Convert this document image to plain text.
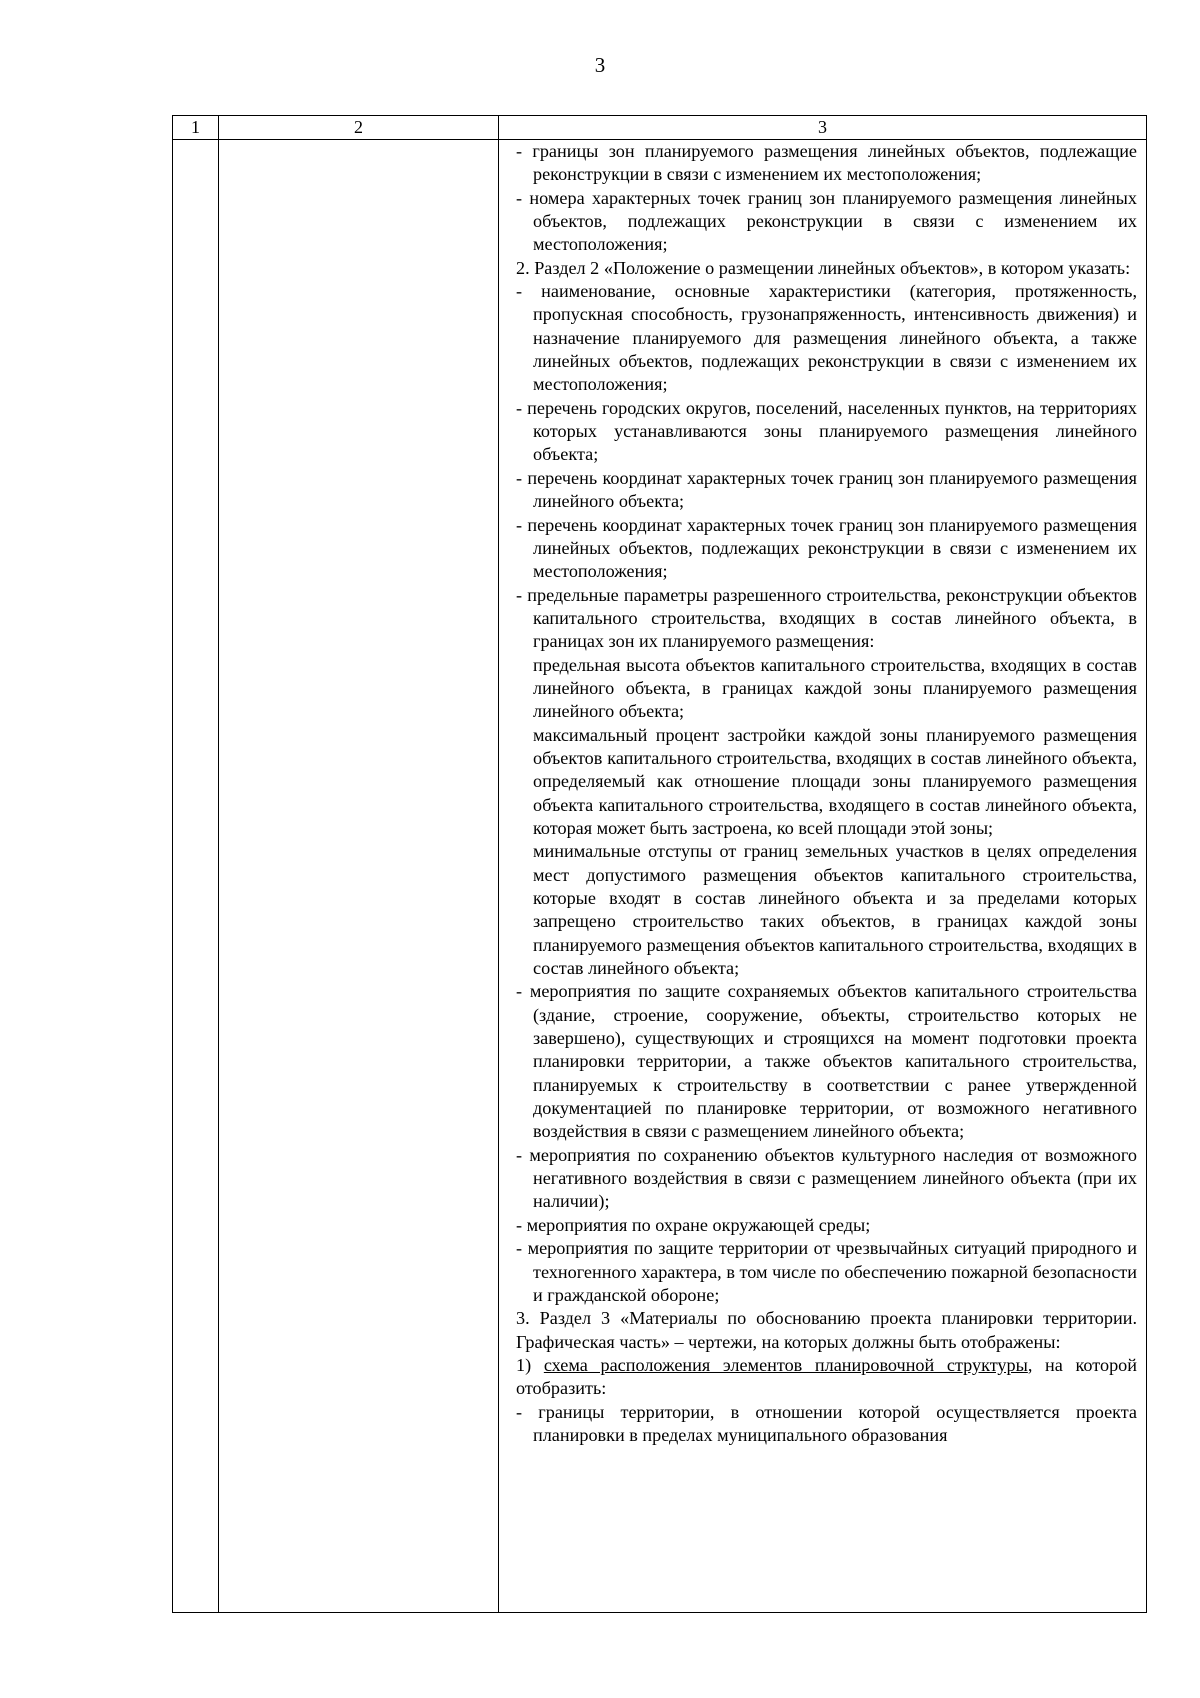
3
1	2	3

- границы зон планируемого размещения линейных объектов, подлежащие реконструкции в связи с изменением их местоположения;

- номера характерных точек границ зон планируемого размещения линейных объектов, подлежащих реконструкции в связи с изменением их местоположения;

2. Раздел 2 «Положение о размещении линейных объектов», в котором указать:

- наименование, основные характеристики (категория, протяженность, пропускная способность, грузонапряженность, интенсивность движения) и назначение планируемого для размещения линейного объекта, а также линейных объектов, подлежащих реконструкции в связи с изменением их местоположения;

- перечень городских округов, поселений, населенных пунктов, на территориях которых устанавливаются зоны планируемого размещения линейного объекта;

- перечень координат характерных точек границ зон планируемого размещения линейного объекта;

- перечень координат характерных точек границ зон планируемого размещения линейных объектов, подлежащих реконструкции в связи с изменением их местоположения;

- предельные параметры разрешенного строительства, реконструкции объектов капитального строительства, входящих в состав линейного объекта, в границах зон их планируемого размещения:

предельная высота объектов капитального строительства, входящих в состав линейного объекта, в границах каждой зоны планируемого размещения линейного объекта;

максимальный процент застройки каждой зоны планируемого размещения объектов капитального строительства, входящих в состав линейного объекта, определяемый как отношение площади зоны планируемого размещения объекта капитального строительства, входящего в состав линейного объекта, которая может быть застроена, ко всей площади этой зоны;

минимальные отступы от границ земельных участков в целях определения мест допустимого размещения объектов капитального строительства, которые входят в состав линейного объекта и за пределами которых запрещено строительство таких объектов, в границах каждой зоны планируемого размещения объектов капитального строительства, входящих в состав линейного объекта;

- мероприятия по защите сохраняемых объектов капитального строительства (здание, строение, сооружение, объекты, строительство которых не завершено), существующих и строящихся на момент подготовки проекта планировки территории, а также объектов капитального строительства, планируемых к строительству в соответствии с ранее утвержденной документацией по планировке территории, от возможного негативного воздействия в связи с размещением линейного объекта;

- мероприятия по сохранению объектов культурного наследия от возможного негативного воздействия в связи с размещением линейного объекта (при их наличии);

- мероприятия по охране окружающей среды;

- мероприятия по защите территории от чрезвычайных ситуаций природного и техногенного характера, в том числе по обеспечению пожарной безопасности и гражданской обороне;

3. Раздел 3 «Материалы по обоснованию проекта планировки территории. Графическая часть» – чертежи, на которых должны быть отображены:

1) схема расположения элементов планировочной структуры, на которой отобразить:

- границы территории, в отношении которой осуществляется проекта планировки в пределах муниципального образования
